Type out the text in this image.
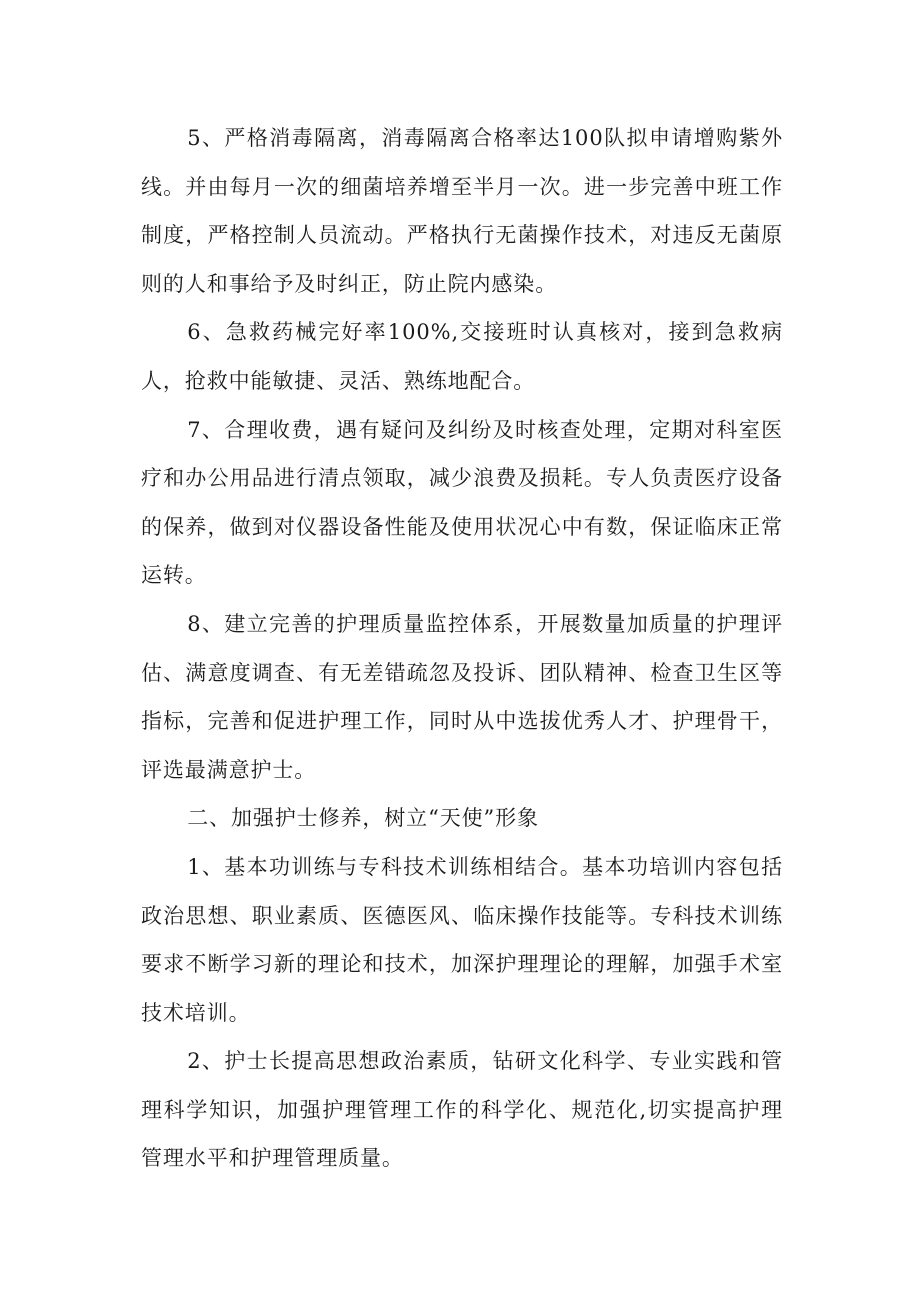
5、严格消毒隔离，消毒隔离合格率达100队拟申请增购紫外线。并由每月一次的细菌培养增至半月一次。进一步完善中班工作制度，严格控制人员流动。严格执行无菌操作技术，对违反无菌原则的人和事给予及时纠正，防止院内感染。

6、急救药械完好率100%,交接班时认真核对，接到急救病人，抢救中能敏捷、灵活、熟练地配合。

7、合理收费，遇有疑问及纠纷及时核查处理，定期对科室医疗和办公用品进行清点领取，减少浪费及损耗。专人负责医疗设备的保养，做到对仪器设备性能及使用状况心中有数，保证临床正常运转。

8、建立完善的护理质量监控体系，开展数量加质量的护理评估、满意度调查、有无差错疏忽及投诉、团队精神、检查卫生区等指标，完善和促进护理工作，同时从中选拔优秀人才、护理骨干，评选最满意护士。

二、加强护士修养，树立“天使”形象

1、基本功训练与专科技术训练相结合。基本功培训内容包括政治思想、职业素质、医德医风、临床操作技能等。专科技术训练要求不断学习新的理论和技术，加深护理理论的理解，加强手术室技术培训。

2、护士长提高思想政治素质，钻研文化科学、专业实践和管理科学知识，加强护理管理工作的科学化、规范化,切实提高护理管理水平和护理管理质量。
